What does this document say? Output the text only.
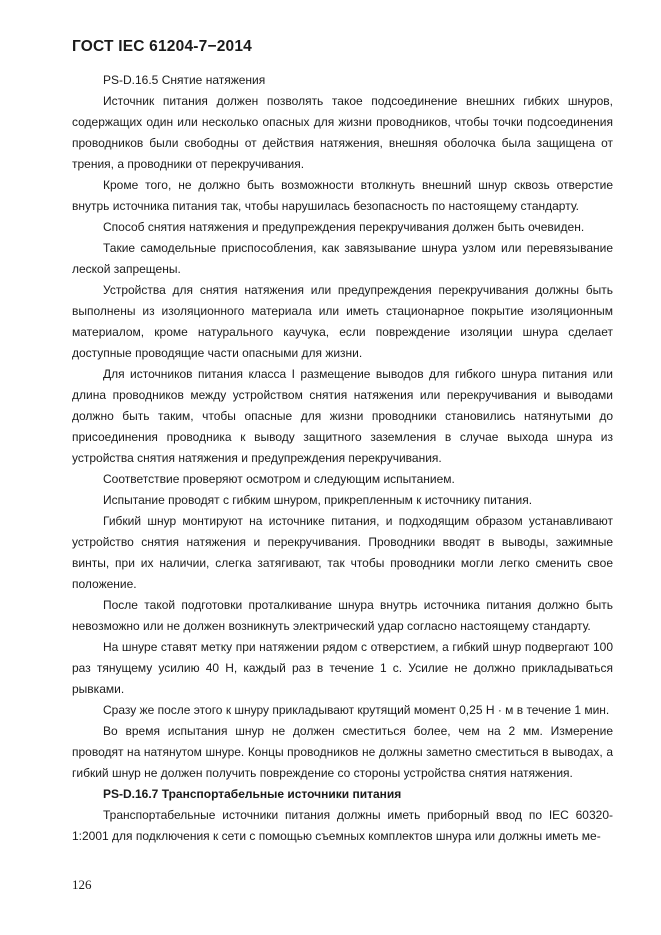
ГОСТ IEC 61204-7−2014

PS-D.16.5 Снятие натяжения

Источник питания должен позволять такое подсоединение внешних гибких шнуров, содержащих один или несколько опасных для жизни проводников, чтобы точки подсоединения проводников были свободны от действия натяжения, внешняя оболочка была защищена от трения, а проводники от перекручивания.

Кроме того, не должно быть возможности втолкнуть внешний шнур сквозь отверстие внутрь источника питания так, чтобы нарушилась безопасность по настоящему стандарту.

Способ снятия натяжения и предупреждения перекручивания должен быть очевиден.

Такие самодельные приспособления, как завязывание шнура узлом или перевязывание леской запрещены.

Устройства для снятия натяжения или предупреждения перекручивания должны быть выполнены из изоляционного материала или иметь стационарное покрытие изоляционным материалом, кроме натурального каучука, если повреждение изоляции шнура сделает доступные проводящие части опасными для жизни.

Для источников питания класса I размещение выводов для гибкого шнура питания или длина проводников между устройством снятия натяжения или перекручивания и выводами должно быть таким, чтобы опасные для жизни проводники становились натянутыми до присоединения проводника к выводу защитного заземления в случае выхода шнура из устройства снятия натяжения и предупреждения перекручивания.

Соответствие проверяют осмотром и следующим испытанием.

Испытание проводят с гибким шнуром, прикрепленным к источнику питания.

Гибкий шнур монтируют на источнике питания, и подходящим образом устанавливают устройство снятия натяжения и перекручивания. Проводники вводят в выводы, зажимные винты, при их наличии, слегка затягивают, так чтобы проводники могли легко сменить свое положение.

После такой подготовки проталкивание шнура внутрь источника питания должно быть невозможно или не должен возникнуть электрический удар согласно настоящему стандарту.

На шнуре ставят метку при натяжении рядом с отверстием, а гибкий шнур подвергают 100 раз тянущему усилию 40 Н, каждый раз в течение 1 с. Усилие не должно прикладываться рывками.

Сразу же после этого к шнуру прикладывают крутящий момент 0,25 Н · м в течение 1 мин.

Во время испытания шнур не должен сместиться более, чем на 2 мм. Измерение проводят на натянутом шнуре. Концы проводников не должны заметно сместиться в выводах, а гибкий шнур не должен получить повреждение со стороны устройства снятия натяжения.

PS-D.16.7 Транспортабельные источники питания

Транспортабельные источники питания должны иметь приборный ввод по IEC 60320-1:2001 для подключения к сети с помощью съемных комплектов шнура или должны иметь ме-

126
